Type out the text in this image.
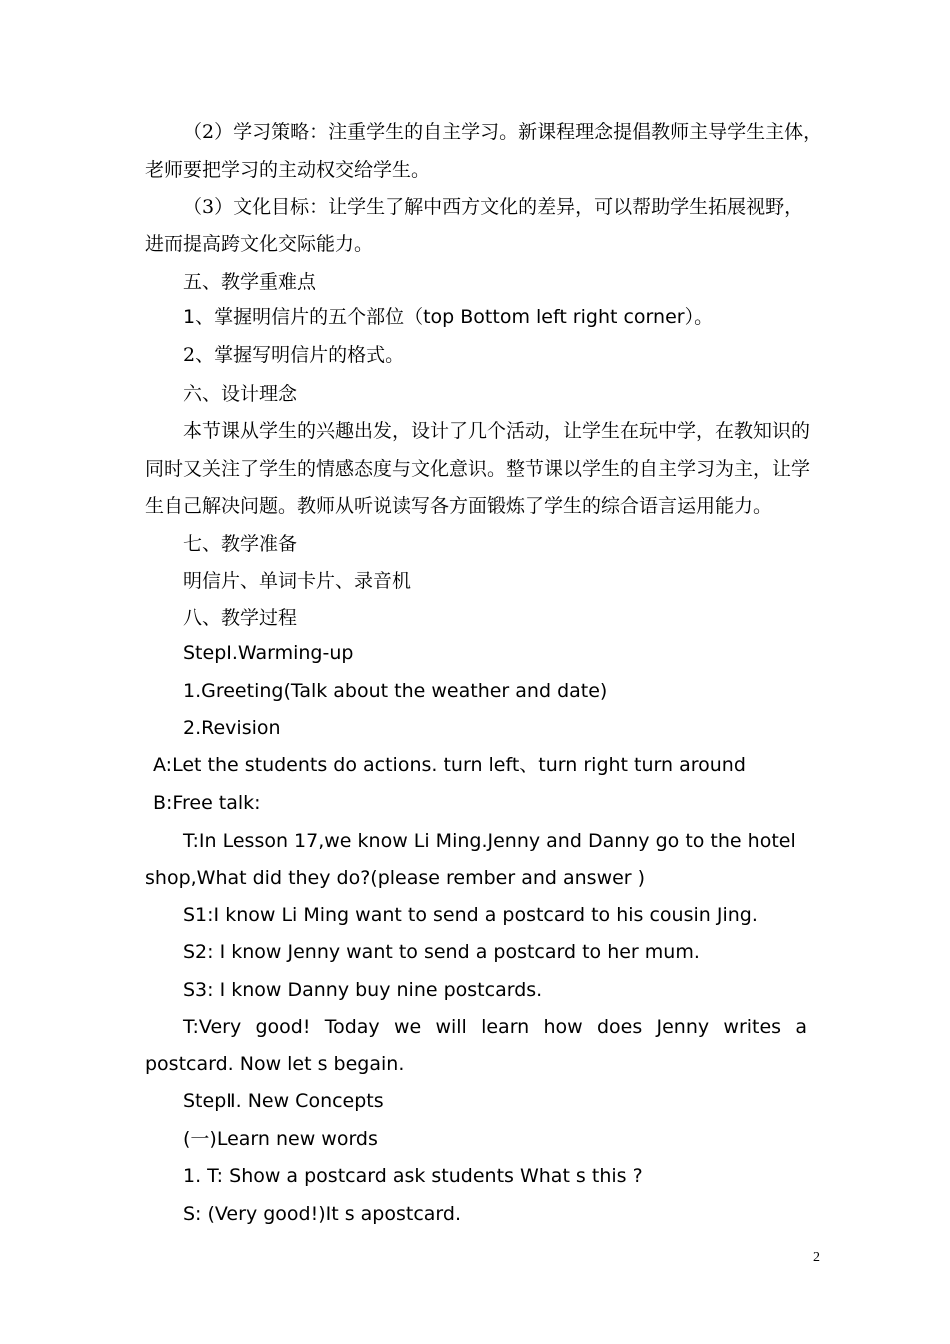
（2）学习策略：注重学生的自主学习。新课程理念提倡教师主导学生主体，
老师要把学习的主动权交给学生。
（3）文化目标：让学生了解中西方文化的差异，可以帮助学生拓展视野，
进而提高跨文化交际能力。
五、教学重难点
1、掌握明信片的五个部位（top Bottom left right corner）。
2、掌握写明信片的格式。
六、设计理念
本节课从学生的兴趣出发，设计了几个活动，让学生在玩中学，在教知识的
同时又关注了学生的情感态度与文化意识。整节课以学生的自主学习为主，让学
生自己解决问题。教师从听说读写各方面锻炼了学生的综合语言运用能力。
七、教学准备
明信片、单词卡片、录音机
八、教学过程
StepⅠ.Warming-up
1.Greeting(Talk about the weather and date)
2.Revision
A:Let the students do actions. turn left、turn right turn around
B:Free talk:
T:In Lesson 17,we know Li Ming.Jenny and Danny go to the hotel
shop,What did they do?(please rember and answer )
S1:I know Li Ming want to send a postcard to his cousin Jing.
S2: I know Jenny want to send a postcard to her mum.
S3: I know Danny buy nine postcards.
T:Very good! Today we will learn how does Jenny writes a
postcard. Now let s begain.
StepⅡ. New Concepts
(一)Learn new words
1. T: Show a postcard ask students What s this ?
S: (Very good!)It s apostcard.
2
